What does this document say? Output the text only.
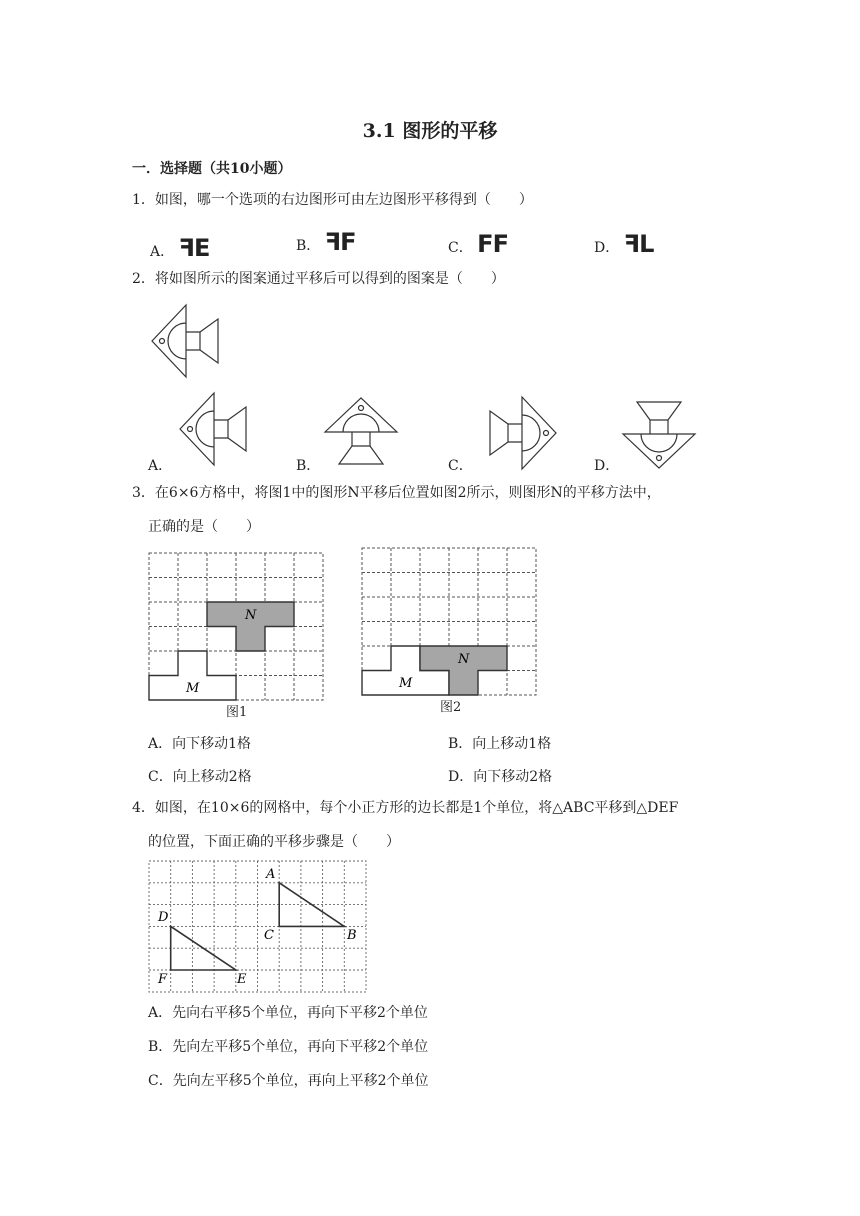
3.1 图形的平移
一．选择题（共10小题）
1．如图，哪一个选项的右边图形可由左边图形平移得到（　　）
A． ꟻE	B． ꟻF	C． FF	D． ꟻL
2．将如图所示的图案通过平移后可以得到的图案是（　　）
A．	B．	C．	D．
3．在6×6方格中，将图1中的图形N平移后位置如图2所示，则图形N的平移方法中，
正确的是（　　）
N
M
图1
N
M
图2
A．向下移动1格	B．向上移动1格
C．向上移动2格	D．向下移动2格
4．如图，在10×6的网格中，每个小正方形的边长都是1个单位，将△ABC平移到△DEF
的位置，下面正确的平移步骤是（　　）
A
B
C
D
E
F
A．先向右平移5个单位，再向下平移2个单位
B．先向左平移5个单位，再向下平移2个单位
C．先向左平移5个单位，再向上平移2个单位
